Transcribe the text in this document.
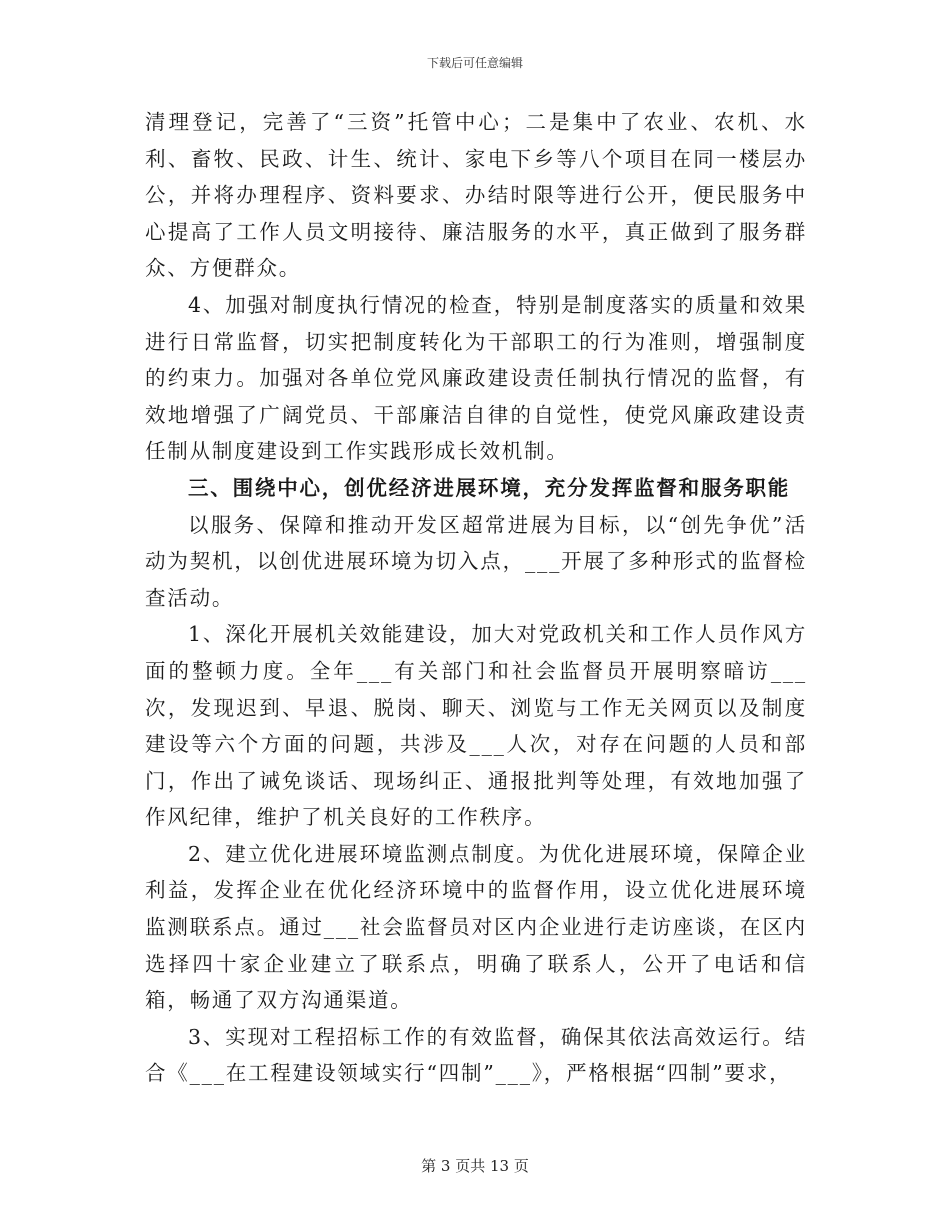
下载后可任意编辑

清理登记，完善了“三资”托管中心；二是集中了农业、农机、水利、畜牧、民政、计生、统计、家电下乡等八个项目在同一楼层办公，并将办理程序、资料要求、办结时限等进行公开，便民服务中心提高了工作人员文明接待、廉洁服务的水平，真正做到了服务群众、方便群众。

4、加强对制度执行情况的检查，特别是制度落实的质量和效果进行日常监督，切实把制度转化为干部职工的行为准则，增强制度的约束力。加强对各单位党风廉政建设责任制执行情况的监督，有效地增强了广阔党员、干部廉洁自律的自觉性，使党风廉政建设责任制从制度建设到工作实践形成长效机制。

三、围绕中心，创优经济进展环境，充分发挥监督和服务职能

以服务、保障和推动开发区超常进展为目标，以“创先争优”活动为契机，以创优进展环境为切入点，___开展了多种形式的监督检查活动。

1、深化开展机关效能建设，加大对党政机关和工作人员作风方面的整顿力度。全年___有关部门和社会监督员开展明察暗访___次，发现迟到、早退、脱岗、聊天、浏览与工作无关网页以及制度建设等六个方面的问题，共涉及___人次，对存在问题的人员和部门，作出了诫免谈话、现场纠正、通报批判等处理，有效地加强了作风纪律，维护了机关良好的工作秩序。

2、建立优化进展环境监测点制度。为优化进展环境，保障企业利益，发挥企业在优化经济环境中的监督作用，设立优化进展环境监测联系点。通过___社会监督员对区内企业进行走访座谈，在区内选择四十家企业建立了联系点，明确了联系人，公开了电话和信箱，畅通了双方沟通渠道。

3、实现对工程招标工作的有效监督，确保其依法高效运行。结合《___在工程建设领域实行“四制”___》，严格根据“四制”要求，

第 3 页共 13 页
